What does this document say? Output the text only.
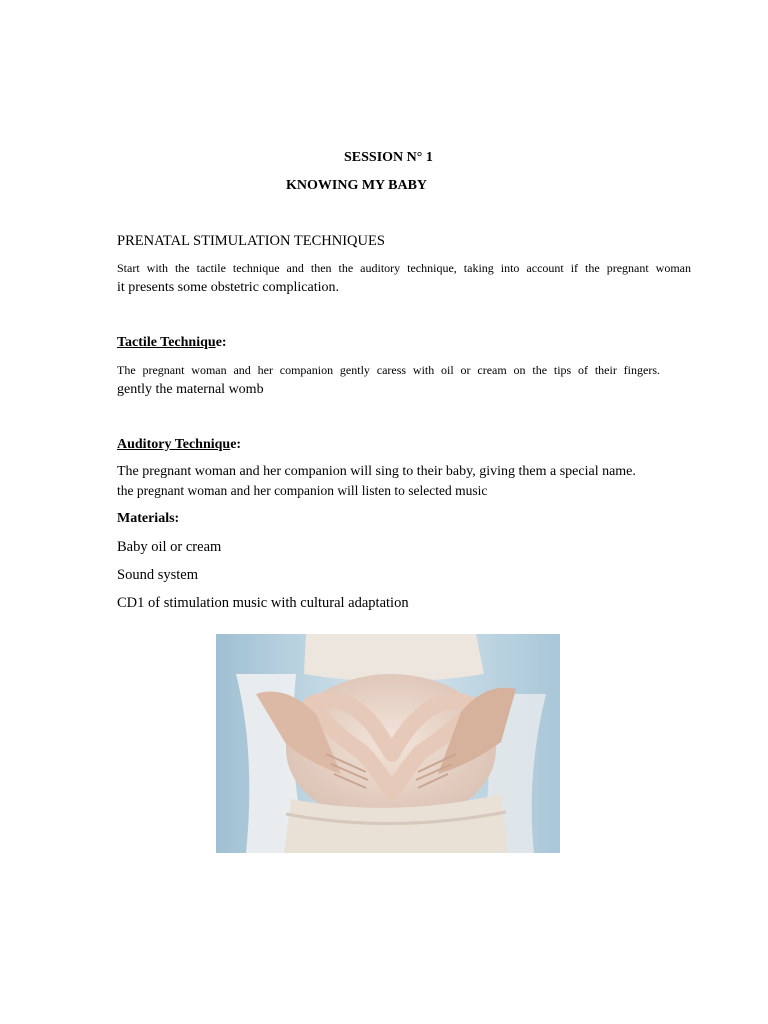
SESSION N° 1
KNOWING MY BABY
PRENATAL STIMULATION TECHNIQUES
Start with the tactile technique and then the auditory technique, taking into account if the pregnant woman
it presents some obstetric complication.
Tactile Technique:
The pregnant woman and her companion gently caress with oil or cream on the tips of their fingers.
gently the maternal womb
Auditory Technique:
The pregnant woman and her companion will sing to their baby, giving them a special name.
the pregnant woman and her companion will listen to selected music
Materials:
Baby oil or cream
Sound system
CD1 of stimulation music with cultural adaptation
